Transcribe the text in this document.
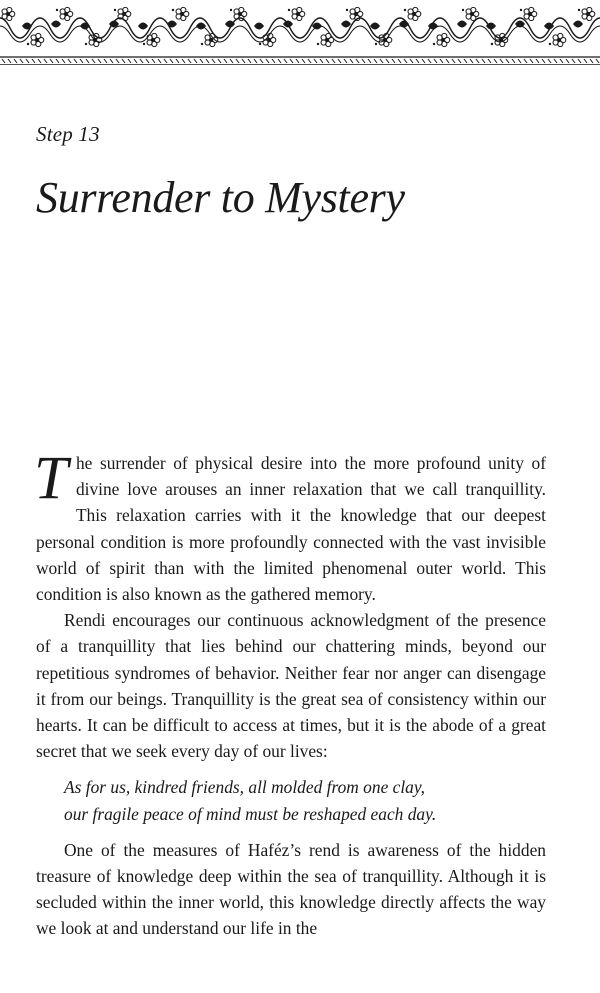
Step 13
Surrender to Mystery

The surrender of physical desire into the more profound unity of divine love arouses an inner relaxation that we call tranquillity. This relaxation carries with it the knowledge that our deepest personal condition is more profoundly connected with the vast invisible world of spirit than with the limited phenomenal outer world. This condition is also known as the gathered memory.

Rendi encourages our continuous acknowledgment of the presence of a tranquillity that lies behind our chattering minds, beyond our repetitious syndromes of behavior. Neither fear nor anger can disengage it from our beings. Tranquillity is the great sea of consistency within our hearts. It can be difficult to access at times, but it is the abode of a great secret that we seek every day of our lives:

As for us, kindred friends, all molded from one clay,
our fragile peace of mind must be reshaped each day.

One of the measures of Haféz’s rend is awareness of the hidden treasure of knowledge deep within the sea of tranquillity. Although it is secluded within the inner world, this knowledge directly affects the way we look at and understand our life in the
